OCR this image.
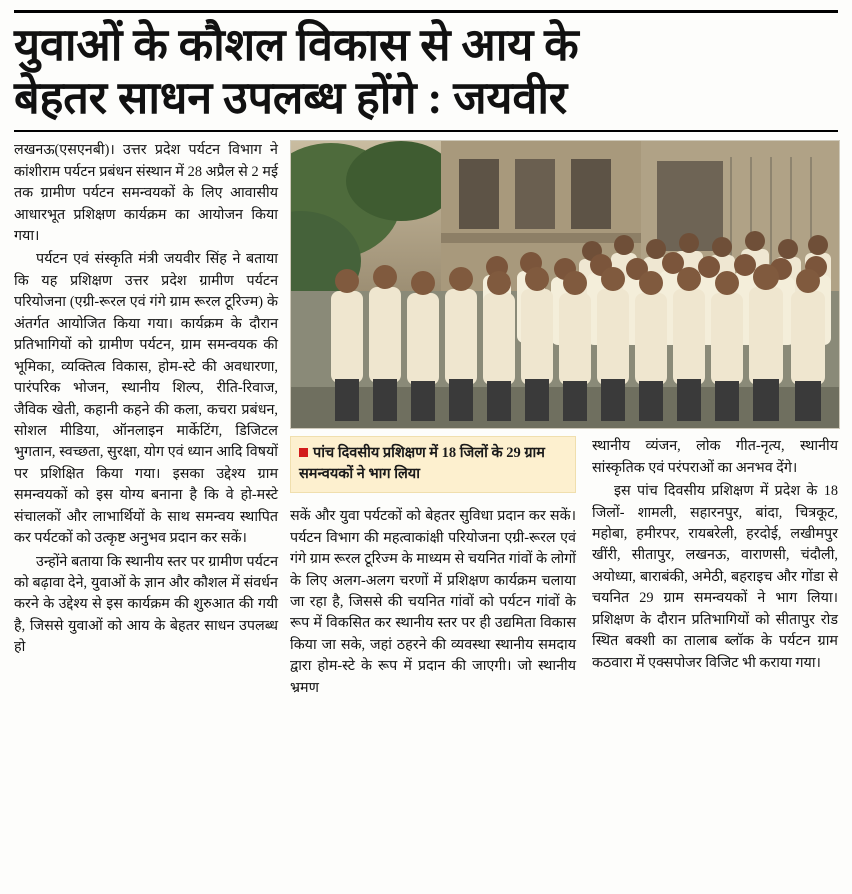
युवाओं के कौशल विकास से आय के
बेहतर साधन उपलब्ध होंगे : जयवीर

लखनऊ(एसएनबी)। उत्तर प्रदेश पर्यटन विभाग ने कांशीराम पर्यटन प्रबंधन संस्थान में 28 अप्रैल से 2 मई तक ग्रामीण पर्यटन समन्वयकों के लिए आवासीय आधारभूत प्रशिक्षण कार्यक्रम का आयोजन किया गया।

पर्यटन एवं संस्कृति मंत्री जयवीर सिंह ने बताया कि यह प्रशिक्षण उत्तर प्रदेश ग्रामीण पर्यटन परियोजना (एग्री-रूरल एवं गंगे ग्राम रूरल टूरिज्म) के अंतर्गत आयोजित किया गया। कार्यक्रम के दौरान प्रतिभागियों को ग्रामीण पर्यटन, ग्राम समन्वयक की भूमिका, व्यक्तित्व विकास, होम-स्टे की अवधारणा, पारंपरिक भोजन, स्थानीय शिल्प, रीति-रिवाज, जैविक खेती, कहानी कहने की कला, कचरा प्रबंधन, सोशल मीडिया, ऑनलाइन मार्केटिंग, डिजिटल भुगतान, स्वच्छता, सुरक्षा, योग एवं ध्यान आदि विषयों पर प्रशिक्षित किया गया। इसका उद्देश्य ग्राम समन्वयकों को इस योग्य बनाना है कि वे हो-मस्टे संचालकों और लाभार्थियों के साथ समन्वय स्थापित कर पर्यटकों को उत्कृष्ट अनुभव प्रदान कर सकें।

उन्होंने बताया कि स्थानीय स्तर पर ग्रामीण पर्यटन को बढ़ावा देने, युवाओं के ज्ञान और कौशल में संवर्धन करने के उद्देश्य से इस कार्यक्रम की शुरुआत की गयी है, जिससे युवाओं को आय के बेहतर साधन उपलब्ध हो

पांच दिवसीय प्रशिक्षण में 18 जिलों के 29 ग्राम समन्वयकों ने भाग लिया

सकें और युवा पर्यटकों को बेहतर सुविधा प्रदान कर सकें। पर्यटन विभाग की महत्वाकांक्षी परियोजना एग्री-रूरल एवं गंगे ग्राम रूरल टूरिज्म के माध्यम से चयनित गांवों के लोगों के लिए अलग-अलग चरणों में प्रशिक्षण कार्यक्रम चलाया जा रहा है, जिससे की चयनित गांवों को पर्यटन गांवों के रूप में विकसित कर स्थानीय स्तर पर ही उद्यमिता विकास किया जा सके, जहां ठहरने की व्यवस्था स्थानीय समदाय द्वारा होम-स्टे के रूप में प्रदान की जाएगी। जो स्थानीय भ्रमण

स्थानीय व्यंजन, लोक गीत-नृत्य, स्थानीय सांस्कृतिक एवं परंपराओं का अनभव देंगे।

इस पांच दिवसीय प्रशिक्षण में प्रदेश के 18 जिलों- शामली, सहारनपुर, बांदा, चित्रकूट, महोबा, हमीरपर, रायबरेली, हरदोई, लखीमपुर खींरी, सीतापुर, लखनऊ, वाराणसी, चंदौली, अयोध्या, बाराबंकी, अमेठी, बहराइच और गोंडा से चयनित 29 ग्राम समन्वयकों ने भाग लिया। प्रशिक्षण के दौरान प्रतिभागियों को सीतापुर रोड स्थित बक्शी का तालाब ब्लॉक के पर्यटन ग्राम कठवारा में एक्सपोजर विजिट भी कराया गया।
